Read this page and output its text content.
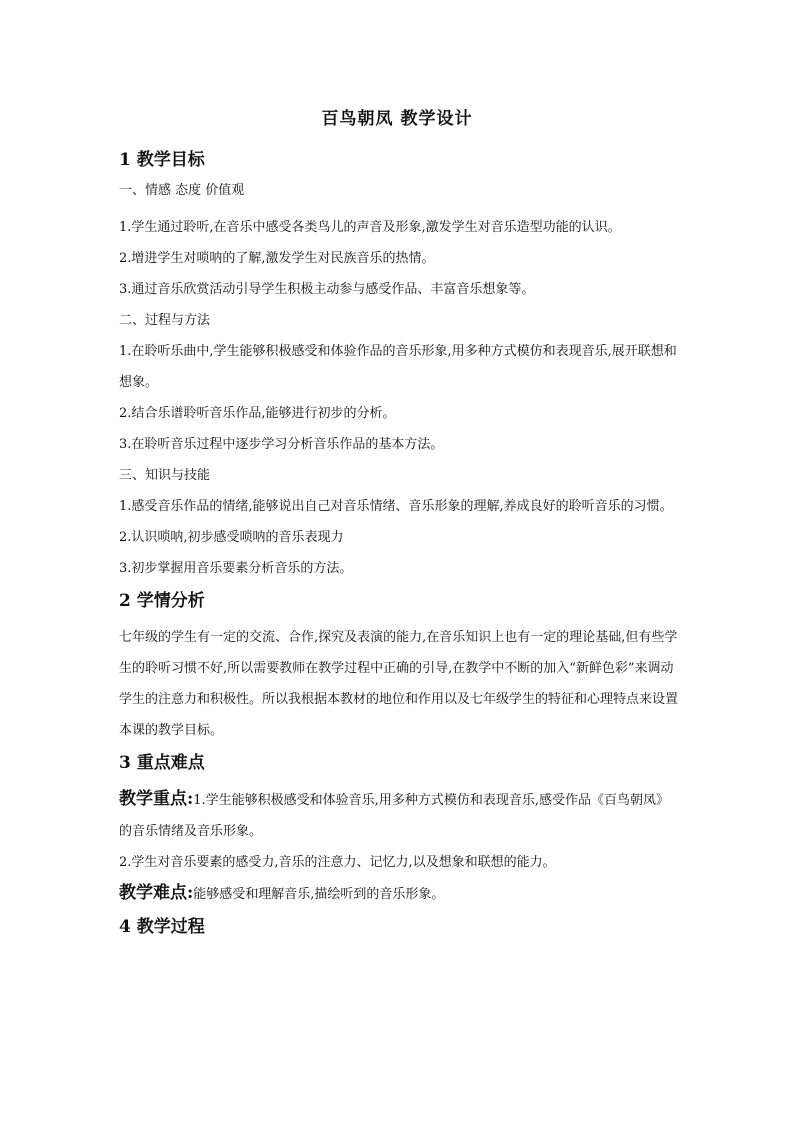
百鸟朝凤 教学设计
1 教学目标
一、情感 态度 价值观
1.学生通过聆听,在音乐中感受各类鸟儿的声音及形象,激发学生对音乐造型功能的认识。
2.增进学生对唢呐的了解,激发学生对民族音乐的热情。
3.通过音乐欣赏活动引导学生积极主动参与感受作品、丰富音乐想象等。
二、过程与方法
1.在聆听乐曲中,学生能够积极感受和体验作品的音乐形象,用多种方式模仿和表现音乐,展开联想和想象。
2.结合乐谱聆听音乐作品,能够进行初步的分析。
3.在聆听音乐过程中逐步学习分析音乐作品的基本方法。
三、知识与技能
1.感受音乐作品的情绪,能够说出自己对音乐情绪、音乐形象的理解,养成良好的聆听音乐的习惯。
2.认识唢呐,初步感受唢呐的音乐表现力
3.初步掌握用音乐要素分析音乐的方法。
2 学情分析
七年级的学生有一定的交流、合作,探究及表演的能力,在音乐知识上也有一定的理论基础,但有些学生的聆听习惯不好,所以需要教师在教学过程中正确的引导,在教学中不断的加入“新鲜色彩”来调动学生的注意力和积极性。所以我根据本教材的地位和作用以及七年级学生的特征和心理特点来设置本课的教学目标。
3 重点难点
教学重点:1.学生能够积极感受和体验音乐,用多种方式模仿和表现音乐,感受作品《百鸟朝凤》的音乐情绪及音乐形象。
2.学生对音乐要素的感受力,音乐的注意力、记忆力,以及想象和联想的能力。
教学难点:能够感受和理解音乐,描绘听到的音乐形象。
4 教学过程
